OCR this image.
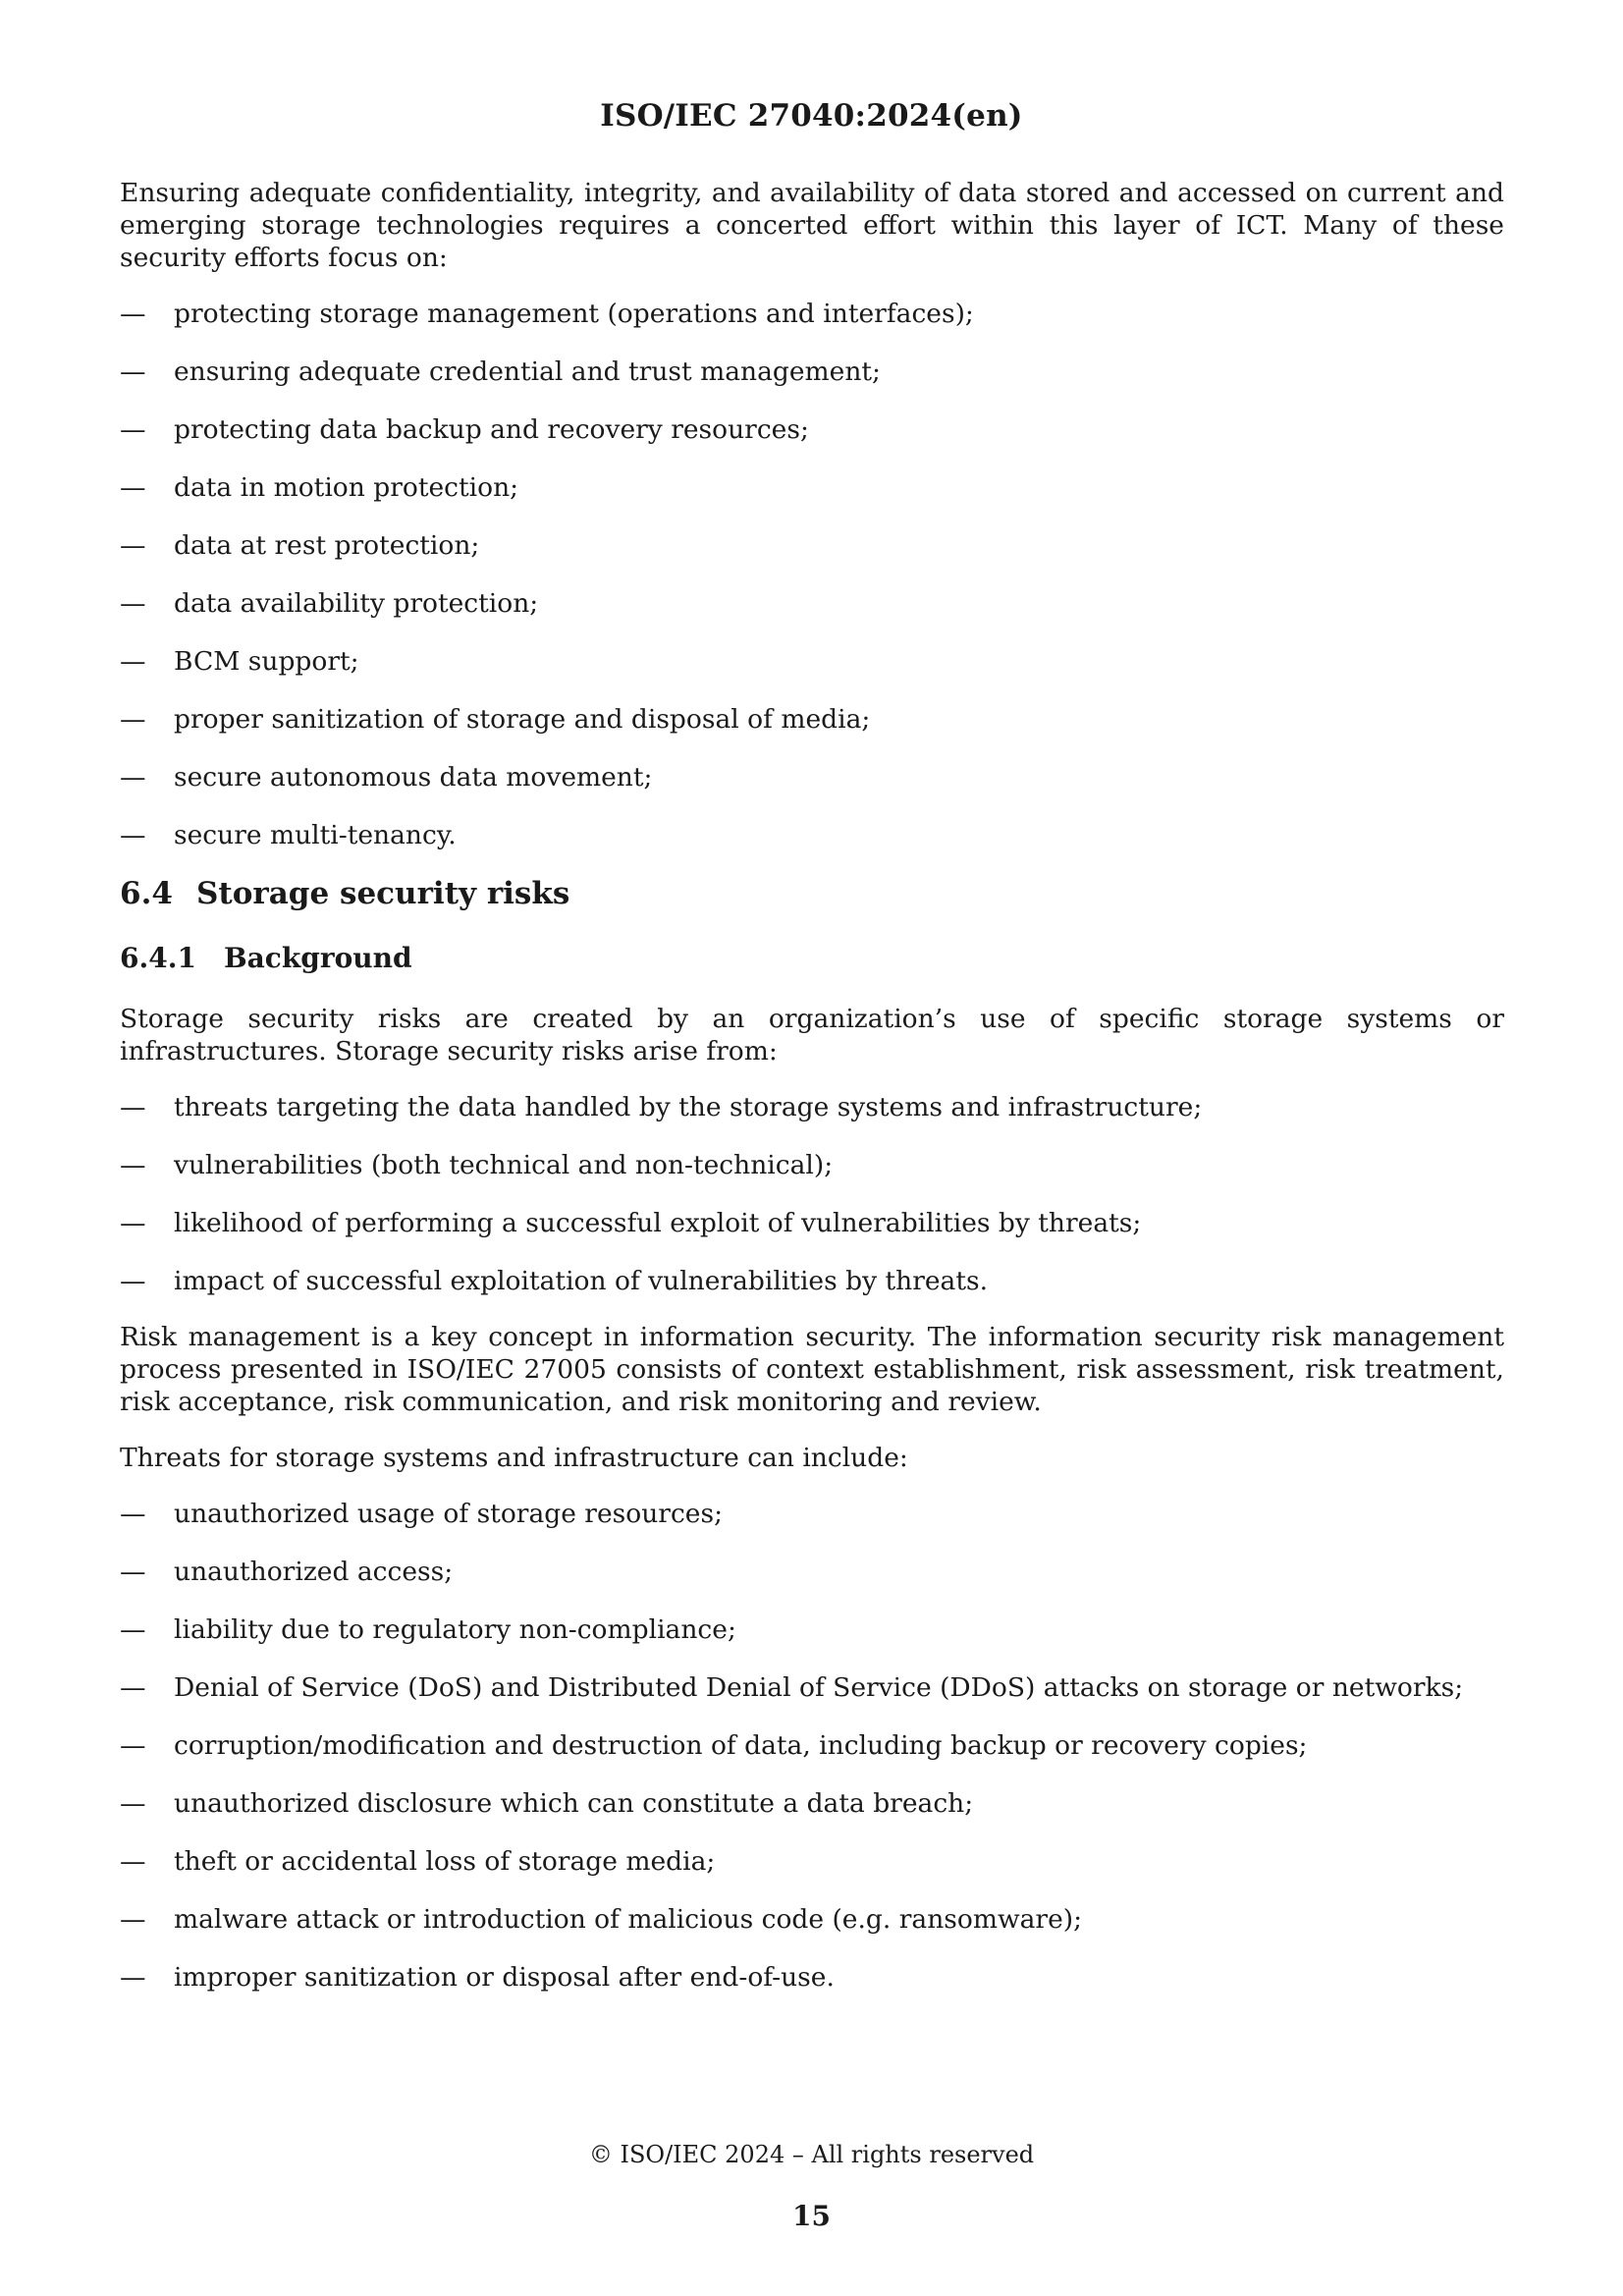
ISO/IEC 27040:2024(en)

Ensuring adequate confidentiality, integrity, and availability of data stored and accessed on current and emerging storage technologies requires a concerted effort within this layer of ICT. Many of these security efforts focus on:

— protecting storage management (operations and interfaces);
— ensuring adequate credential and trust management;
— protecting data backup and recovery resources;
— data in motion protection;
— data at rest protection;
— data availability protection;
— BCM support;
— proper sanitization of storage and disposal of media;
— secure autonomous data movement;
— secure multi-tenancy.
6.4 Storage security risks
6.4.1 Background

Storage security risks are created by an organization’s use of specific storage systems or infrastructures. Storage security risks arise from:

— threats targeting the data handled by the storage systems and infrastructure;
— vulnerabilities (both technical and non-technical);
— likelihood of performing a successful exploit of vulnerabilities by threats;
— impact of successful exploitation of vulnerabilities by threats.

Risk management is a key concept in information security. The information security risk management process presented in ISO/IEC 27005 consists of context establishment, risk assessment, risk treatment, risk acceptance, risk communication, and risk monitoring and review.

Threats for storage systems and infrastructure can include:

— unauthorized usage of storage resources;
— unauthorized access;
— liability due to regulatory non-compliance;
— Denial of Service (DoS) and Distributed Denial of Service (DDoS) attacks on storage or networks;
— corruption/modification and destruction of data, including backup or recovery copies;
— unauthorized disclosure which can constitute a data breach;
— theft or accidental loss of storage media;
— malware attack or introduction of malicious code (e.g. ransomware);
— improper sanitization or disposal after end-of-use.
© ISO/IEC 2024 – All rights reserved
15
